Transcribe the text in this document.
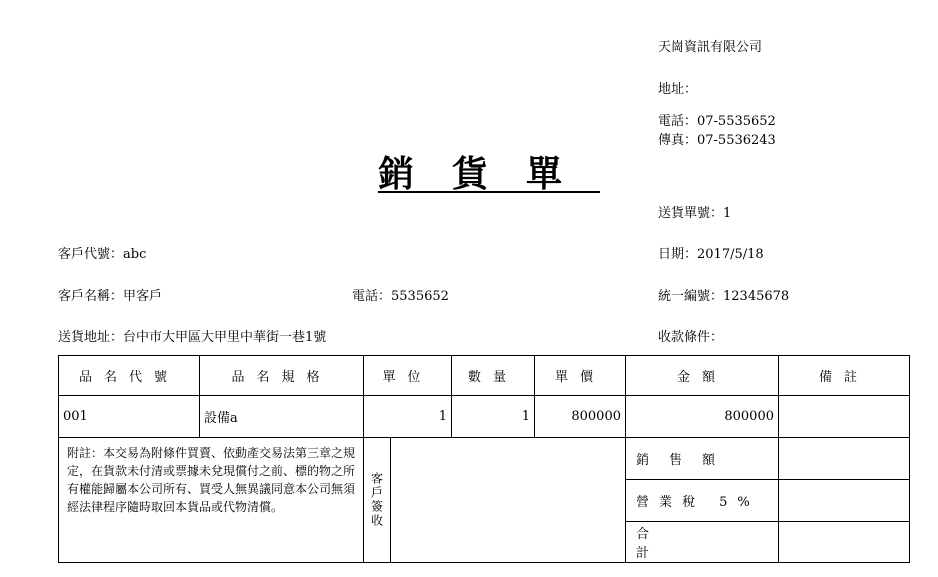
天崗資訊有限公司
地址：
電話：07-5535652
傳真：07-5536243
銷貨單
送貨單號：1
客戶代號：abc	日期：2017/5/18
客戶名稱：甲客戶	電話：5535652	統一編號：12345678
送貨地址：台中市大甲區大甲里中華街一巷1號	收款條件：
品名代號	品名規格	單位	數量	單價	金額	備註
001	設備a	1	1	800000	800000
附註：本交易為附條件買賣、依動產交易法第三章之規定，在貨款未付清或票據未兌現償付之前、標的物之所有權能歸屬本公司所有、買受人無異議同意本公司無須經法律程序隨時取回本貨品或代物清償。	客戶簽收
銷售額
營業稅 5%
合計
